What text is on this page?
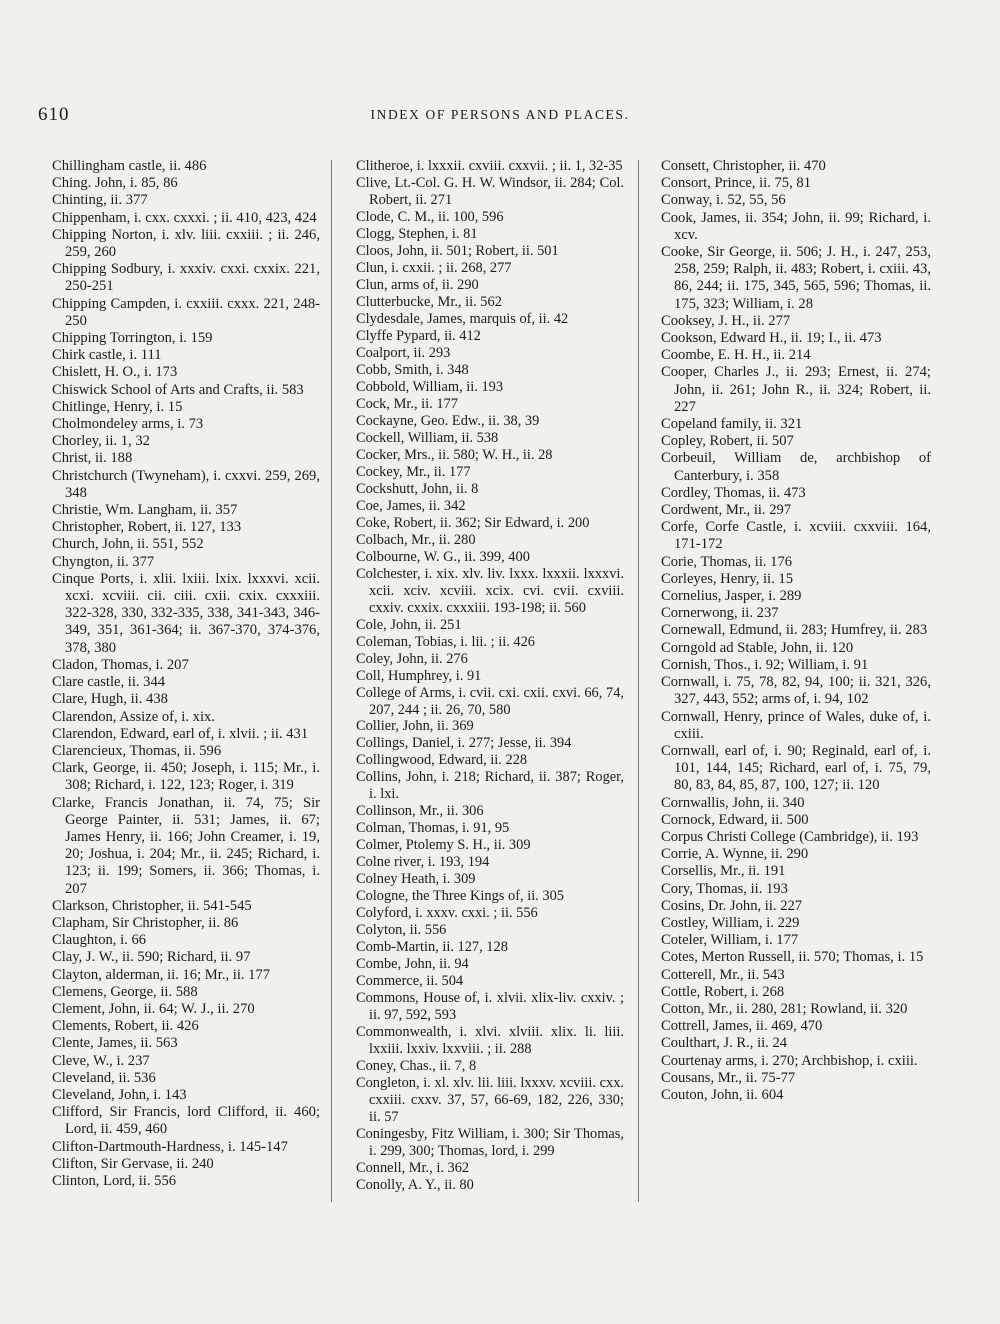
610	INDEX OF PERSONS AND PLACES.
Chillingham castle, ii. 486
Ching. John, i. 85, 86
Chinting, ii. 377
Chippenham, i. cxx. cxxxi. ; ii. 410, 423, 424
Chipping Norton, i. xlv. liii. cxxiii. ; ii. 246, 259, 260
Chipping Sodbury, i. xxxiv. cxxi. cxxix. 221, 250-251
Chipping Campden, i. cxxiii. cxxx. 221, 248-250
Chipping Torrington, i. 159
Chirk castle, i. 111
Chislett, H. O., i. 173
Chiswick School of Arts and Crafts, ii. 583
Chitlinge, Henry, i. 15
Cholmondeley arms, i. 73
Chorley, ii. 1, 32
Christ, ii. 188
Christchurch (Twyneham), i. cxxvi. 259, 269, 348
Christie, Wm. Langham, ii. 357
Christopher, Robert, ii. 127, 133
Church, John, ii. 551, 552
Chyngton, ii. 377
Cinque Ports, i. xlii. lxiii. lxix. lxxxvi. xcii. xcxi. xcviii. cii. ciii. cxii. cxix. cxxxiii. 322-328, 330, 332-335, 338, 341-343, 346-349, 351, 361-364; ii. 367-370, 374-376, 378, 380
Cladon, Thomas, i. 207
Clare castle, ii. 344
Clare, Hugh, ii. 438
Clarendon, Assize of, i. xix.
Clarendon, Edward, earl of, i. xlvii. ; ii. 431
Clarencieux, Thomas, ii. 596
Clark, George, ii. 450; Joseph, i. 115; Mr., i. 308; Richard, i. 122, 123; Roger, i. 319
Clarke, Francis Jonathan, ii. 74, 75; Sir George Painter, ii. 531; James, ii. 67; James Henry, ii. 166; John Creamer, i. 19, 20; Joshua, i. 204; Mr., ii. 245; Richard, i. 123; ii. 199; Somers, ii. 366; Thomas, i. 207
Clarkson, Christopher, ii. 541-545
Clapham, Sir Christopher, ii. 86
Claughton, i. 66
Clay, J. W., ii. 590; Richard, ii. 97
Clayton, alderman, ii. 16; Mr., ii. 177
Clemens, George, ii. 588
Clement, John, ii. 64; W. J., ii. 270
Clements, Robert, ii. 426
Clente, James, ii. 563
Cleve, W., i. 237
Cleveland, ii. 536
Cleveland, John, i. 143
Clifford, Sir Francis, lord Clifford, ii. 460; Lord, ii. 459, 460
Clifton-Dartmouth-Hardness, i. 145-147
Clifton, Sir Gervase, ii. 240
Clinton, Lord, ii. 556
Clitheroe, i. lxxxii. cxviii. cxxvii. ; ii. 1, 32-35
Clive, Lt.-Col. G. H. W. Windsor, ii. 284; Col. Robert, ii. 271
Clode, C. M., ii. 100, 596
Clogg, Stephen, i. 81
Cloos, John, ii. 501; Robert, ii. 501
Clun, i. cxxii. ; ii. 268, 277
Clun, arms of, ii. 290
Clutterbucke, Mr., ii. 562
Clydesdale, James, marquis of, ii. 42
Clyffe Pypard, ii. 412
Coalport, ii. 293
Cobb, Smith, i. 348
Cobbold, William, ii. 193
Cock, Mr., ii. 177
Cockayne, Geo. Edw., ii. 38, 39
Cockell, William, ii. 538
Cocker, Mrs., ii. 580; W. H., ii. 28
Cockey, Mr., ii. 177
Cockshutt, John, ii. 8
Coe, James, ii. 342
Coke, Robert, ii. 362; Sir Edward, i. 200
Colbach, Mr., ii. 280
Colbourne, W. G., ii. 399, 400
Colchester, i. xix. xlv. liv. lxxx. lxxxii. lxxxvi. xcii. xciv. xcviii. xcix. cvi. cvii. cxviii. cxxiv. cxxix. cxxxiii. 193-198; ii. 560
Cole, John, ii. 251
Coleman, Tobias, i. lii. ; ii. 426
Coley, John, ii. 276
Coll, Humphrey, i. 91
College of Arms, i. cvii. cxi. cxii. cxvi. 66, 74, 207, 244 ; ii. 26, 70, 580
Collier, John, ii. 369
Collings, Daniel, i. 277; Jesse, ii. 394
Collingwood, Edward, ii. 228
Collins, John, i. 218; Richard, ii. 387; Roger, i. lxi.
Collinson, Mr., ii. 306
Colman, Thomas, i. 91, 95
Colmer, Ptolemy S. H., ii. 309
Colne river, i. 193, 194
Colney Heath, i. 309
Cologne, the Three Kings of, ii. 305
Colyford, i. xxxv. cxxi. ; ii. 556
Colyton, ii. 556
Comb-Martin, ii. 127, 128
Combe, John, ii. 94
Commerce, ii. 504
Commons, House of, i. xlvii. xlix-liv. cxxiv. ; ii. 97, 592, 593
Commonwealth, i. xlvi. xlviii. xlix. li. liii. lxxiii. lxxiv. lxxviii. ; ii. 288
Coney, Chas., ii. 7, 8
Congleton, i. xl. xlv. lii. liii. lxxxv. xcviii. cxx. cxxiii. cxxv. 37, 57, 66-69, 182, 226, 330; ii. 57
Coningesby, Fitz William, i. 300; Sir Thomas, i. 299, 300; Thomas, lord, i. 299
Connell, Mr., i. 362
Conolly, A. Y., ii. 80
Consett, Christopher, ii. 470
Consort, Prince, ii. 75, 81
Conway, i. 52, 55, 56
Cook, James, ii. 354; John, ii. 99; Richard, i. xcv.
Cooke, Sir George, ii. 506; J. H., i. 247, 253, 258, 259; Ralph, ii. 483; Robert, i. cxiii. 43, 86, 244; ii. 175, 345, 565, 596; Thomas, ii. 175, 323; William, i. 28
Cooksey, J. H., ii. 277
Cookson, Edward H., ii. 19; I., ii. 473
Coombe, E. H. H., ii. 214
Cooper, Charles J., ii. 293; Ernest, ii. 274; John, ii. 261; John R., ii. 324; Robert, ii. 227
Copeland family, ii. 321
Copley, Robert, ii. 507
Corbeuil, William de, archbishop of Canterbury, i. 358
Cordley, Thomas, ii. 473
Cordwent, Mr., ii. 297
Corfe, Corfe Castle, i. xcviii. cxxviii. 164, 171-172
Corie, Thomas, ii. 176
Corleyes, Henry, ii. 15
Cornelius, Jasper, i. 289
Cornerwong, ii. 237
Cornewall, Edmund, ii. 283; Humfrey, ii. 283
Corngold ad Stable, John, ii. 120
Cornish, Thos., i. 92; William, i. 91
Cornwall, i. 75, 78, 82, 94, 100; ii. 321, 326, 327, 443, 552; arms of, i. 94, 102
Cornwall, Henry, prince of Wales, duke of, i. cxiii.
Cornwall, earl of, i. 90; Reginald, earl of, i. 101, 144, 145; Richard, earl of, i. 75, 79, 80, 83, 84, 85, 87, 100, 127; ii. 120
Cornwallis, John, ii. 340
Cornock, Edward, ii. 500
Corpus Christi College (Cambridge), ii. 193
Corrie, A. Wynne, ii. 290
Corsellis, Mr., ii. 191
Cory, Thomas, ii. 193
Cosins, Dr. John, ii. 227
Costley, William, i. 229
Coteler, William, i. 177
Cotes, Merton Russell, ii. 570; Thomas, i. 15
Cotterell, Mr., ii. 543
Cottle, Robert, i. 268
Cotton, Mr., ii. 280, 281; Rowland, ii. 320
Cottrell, James, ii. 469, 470
Coulthart, J. R., ii. 24
Courtenay arms, i. 270; Archbishop, i. cxiii.
Cousans, Mr., ii. 75-77
Couton, John, ii. 604
